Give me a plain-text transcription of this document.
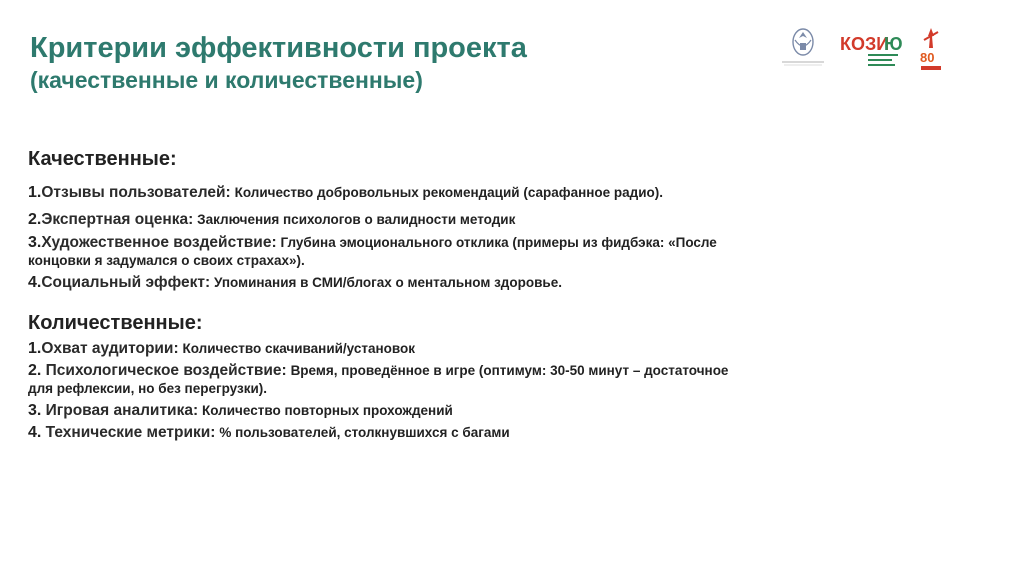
Критерии эффективности проекта
(качественные и количественные)
КОЗИ
Ю
80
Качественные:
1.Отзывы пользователей: Количество добровольных рекомендаций (сарафанное радио).
2.Экспертная оценка: Заключения психологов о валидности методик
3.Художественное воздействие: Глубина эмоционального отклика (примеры из фидбэка: «После
концовки я задумался о своих страхах»).
4.Социальный эффект: Упоминания в СМИ/блогах о ментальном здоровье.
Количественные:
1.Охват аудитории: Количество скачиваний/установок
2. Психологическое воздействие: Время, проведённое в игре (оптимум: 30-50 минут – достаточное
для рефлексии, но без перегрузки).
3. Игровая аналитика: Количество повторных прохождений
4. Технические метрики: % пользователей, столкнувшихся с багами
